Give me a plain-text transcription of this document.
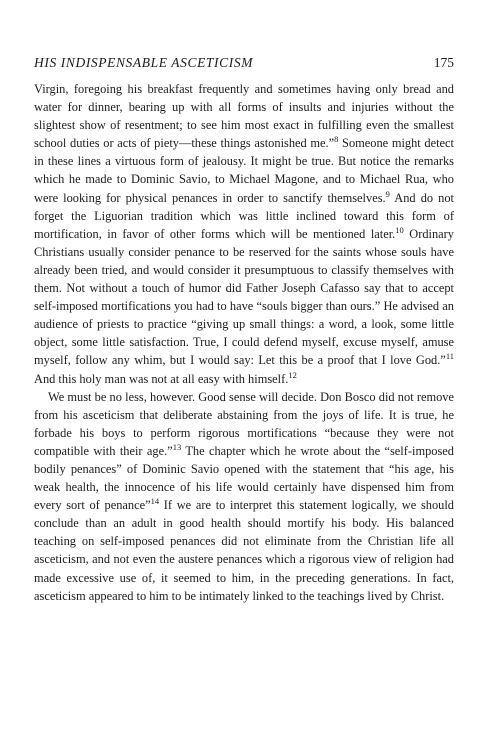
HIS INDISPENSABLE ASCETICISM	175

Virgin, foregoing his breakfast frequently and sometimes having only bread and water for dinner, bearing up with all forms of insults and injuries without the slightest show of resentment; to see him most exact in fulfilling even the smallest school duties or acts of piety—these things astonished me.”$^8$ Someone might detect in these lines a virtuous form of jealousy. It might be true. But notice the remarks which he made to Dominic Savio, to Michael Magone, and to Michael Rua, who were looking for physical penances in order to sanctify themselves.$^9$ And do not forget the Liguorian tradition which was little inclined toward this form of mortification, in favor of other forms which will be mentioned later.$^{10}$ Ordinary Christians usually consider penance to be reserved for the saints whose souls have already been tried, and would consider it presumptuous to classify themselves with them. Not without a touch of humor did Father Joseph Cafasso say that to accept self-imposed mortifications you had to have “souls bigger than ours.” He advised an audience of priests to practice “giving up small things: a word, a look, some little object, some little satisfaction. True, I could defend myself, excuse myself, amuse myself, follow any whim, but I would say: Let this be a proof that I love God.”$^{11}$ And this holy man was not at all easy with himself.$^{12}$

We must be no less, however. Good sense will decide. Don Bosco did not remove from his asceticism that deliberate abstaining from the joys of life. It is true, he forbade his boys to perform rigorous mortifications “because they were not compatible with their age.”$^{13}$ The chapter which he wrote about the “self-imposed bodily penances” of Dominic Savio opened with the statement that “his age, his weak health, the innocence of his life would certainly have dispensed him from every sort of penance”$^{14}$ If we are to interpret this statement logically, we should conclude than an adult in good health should mortify his body. His balanced teaching on self-imposed penances did not eliminate from the Christian life all asceticism, and not even the austere penances which a rigorous view of religion had made excessive use of, it seemed to him, in the preceding generations. In fact, asceticism appeared to him to be intimately linked to the teachings lived by Christ.
